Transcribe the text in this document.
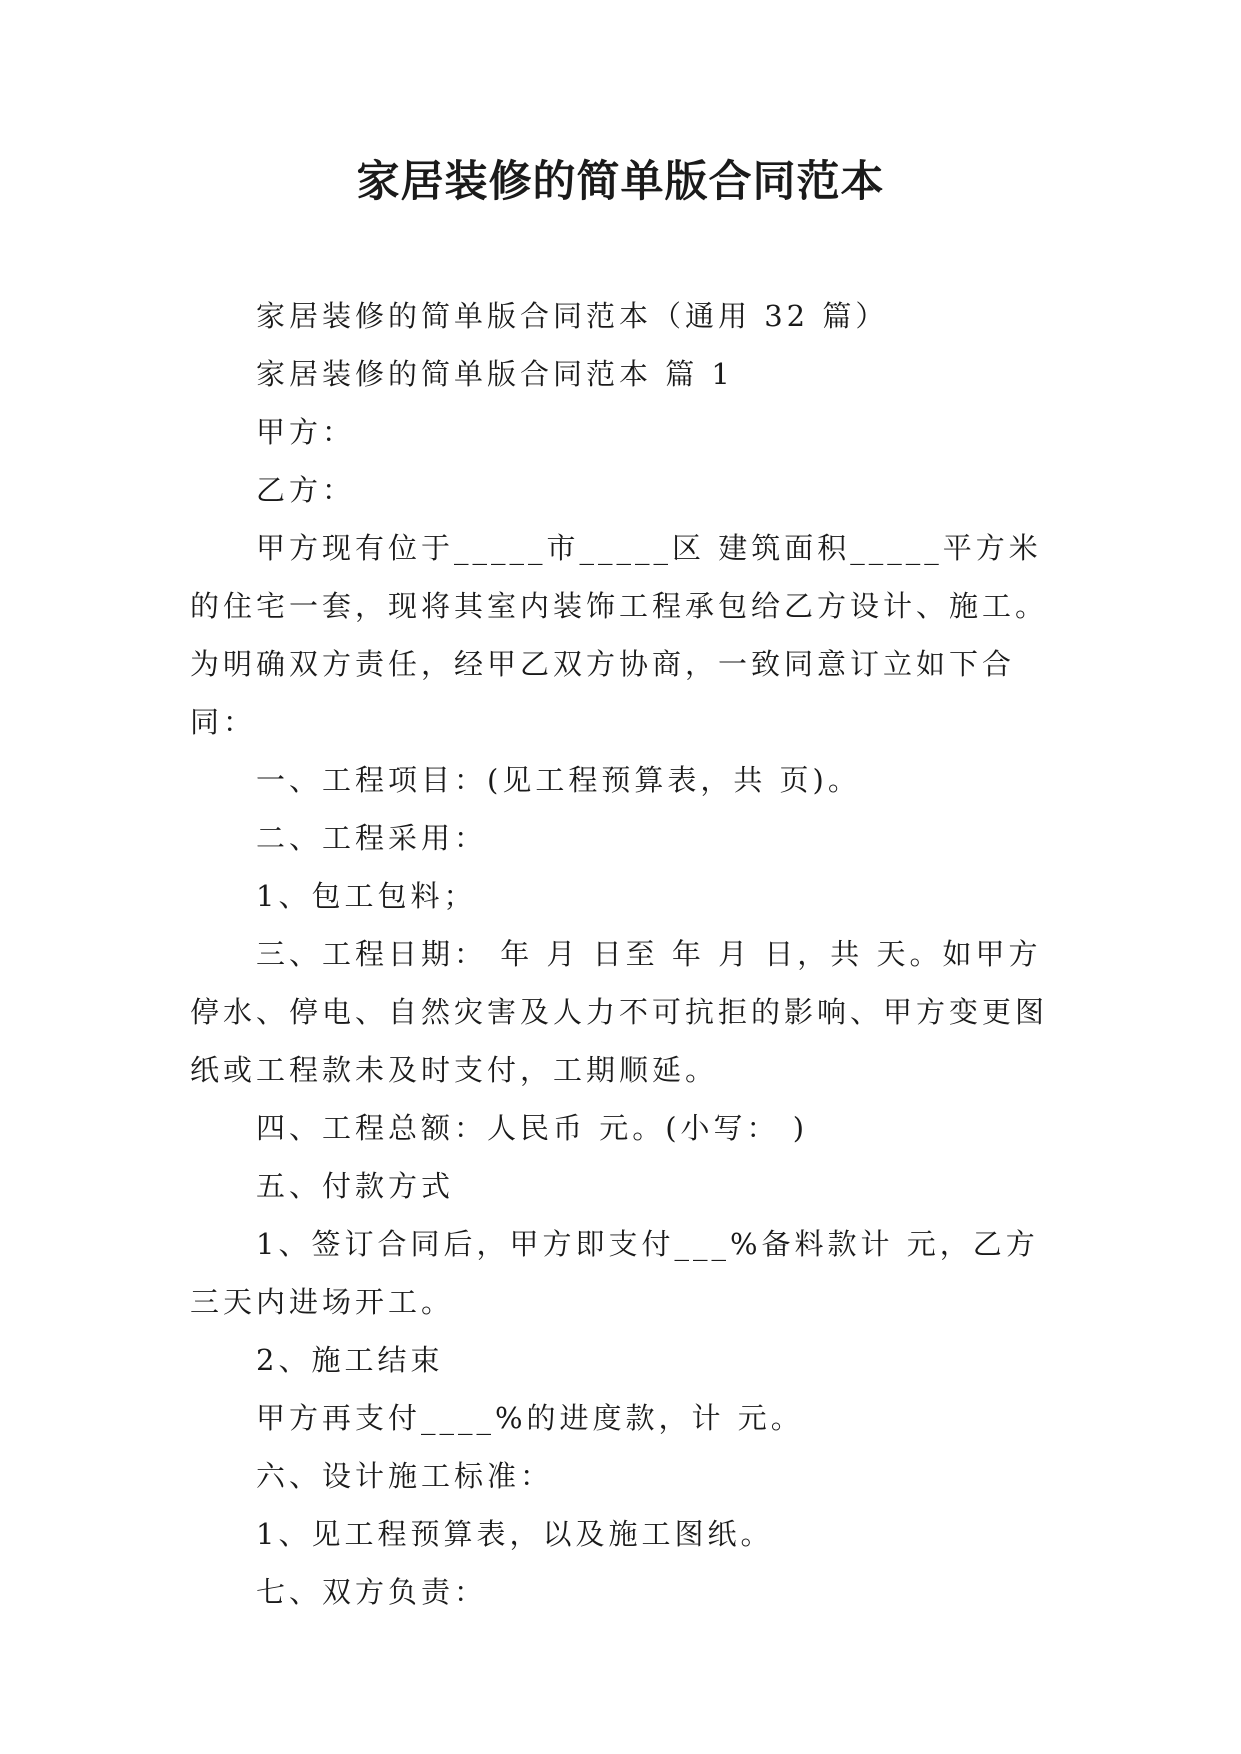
家居装修的简单版合同范本

家居装修的简单版合同范本（通用 32 篇）

家居装修的简单版合同范本 篇 1

甲方：

乙方：

甲方现有位于_____市_____区 建筑面积_____平方米的住宅一套，现将其室内装饰工程承包给乙方设计、施工。为明确双方责任，经甲乙双方协商，一致同意订立如下合同：

一、工程项目：(见工程预算表，共 页)。

二、工程采用：

1、包工包料；

三、工程日期： 年 月 日至 年 月 日，共 天。如甲方停水、停电、自然灾害及人力不可抗拒的影响、甲方变更图纸或工程款未及时支付，工期顺延。

四、工程总额：人民币 元。(小写： )

五、付款方式

1、签订合同后，甲方即支付___%备料款计 元，乙方三天内进场开工。

2、施工结束

甲方再支付____%的进度款，计 元。

六、设计施工标准：

1、见工程预算表，以及施工图纸。

七、双方负责：
